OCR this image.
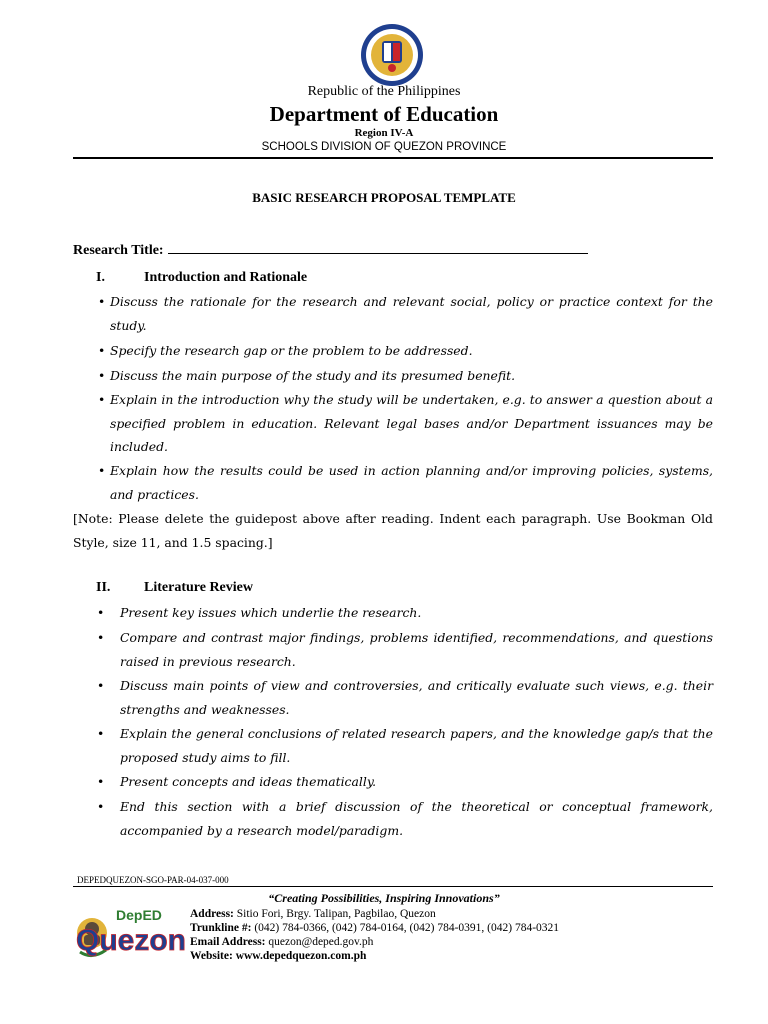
Republic of the Philippines
Department of Education
Region IV-A
SCHOOLS DIVISION OF QUEZON PROVINCE
BASIC RESEARCH PROPOSAL TEMPLATE
Research Title:
I.	Introduction and Rationale
• Discuss the rationale for the research and relevant social, policy or practice context for the study.
• Specify the research gap or the problem to be addressed.
• Discuss the main purpose of the study and its presumed benefit.
• Explain in the introduction why the study will be undertaken, e.g. to answer a question about a specified problem in education. Relevant legal bases and/or Department issuances may be included.
• Explain how the results could be used in action planning and/or improving policies, systems, and practices.
[Note: Please delete the guidepost above after reading. Indent each paragraph. Use Bookman Old Style, size 11, and 1.5 spacing.]
II. Literature Review
• Present key issues which underlie the research.
• Compare and contrast major findings, problems identified, recommendations, and questions raised in previous research.
• Discuss main points of view and controversies, and critically evaluate such views, e.g. their strengths and weaknesses.
• Explain the general conclusions of related research papers, and the knowledge gap/s that the proposed study aims to fill.
• Present concepts and ideas thematically.
• End this section with a brief discussion of the theoretical or conceptual framework, accompanied by a research model/paradigm.
DEPEDQUEZON-SGO-PAR-04-037-000
“Creating Possibilities, Inspiring Innovations”
DepED
Quezon
Address: Sitio Fori, Brgy. Talipan, Pagbilao, Quezon
Trunkline #: (042) 784-0366, (042) 784-0164, (042) 784-0391, (042) 784-0321
Email Address: quezon@deped.gov.ph
Website: www.depedquezon.com.ph
